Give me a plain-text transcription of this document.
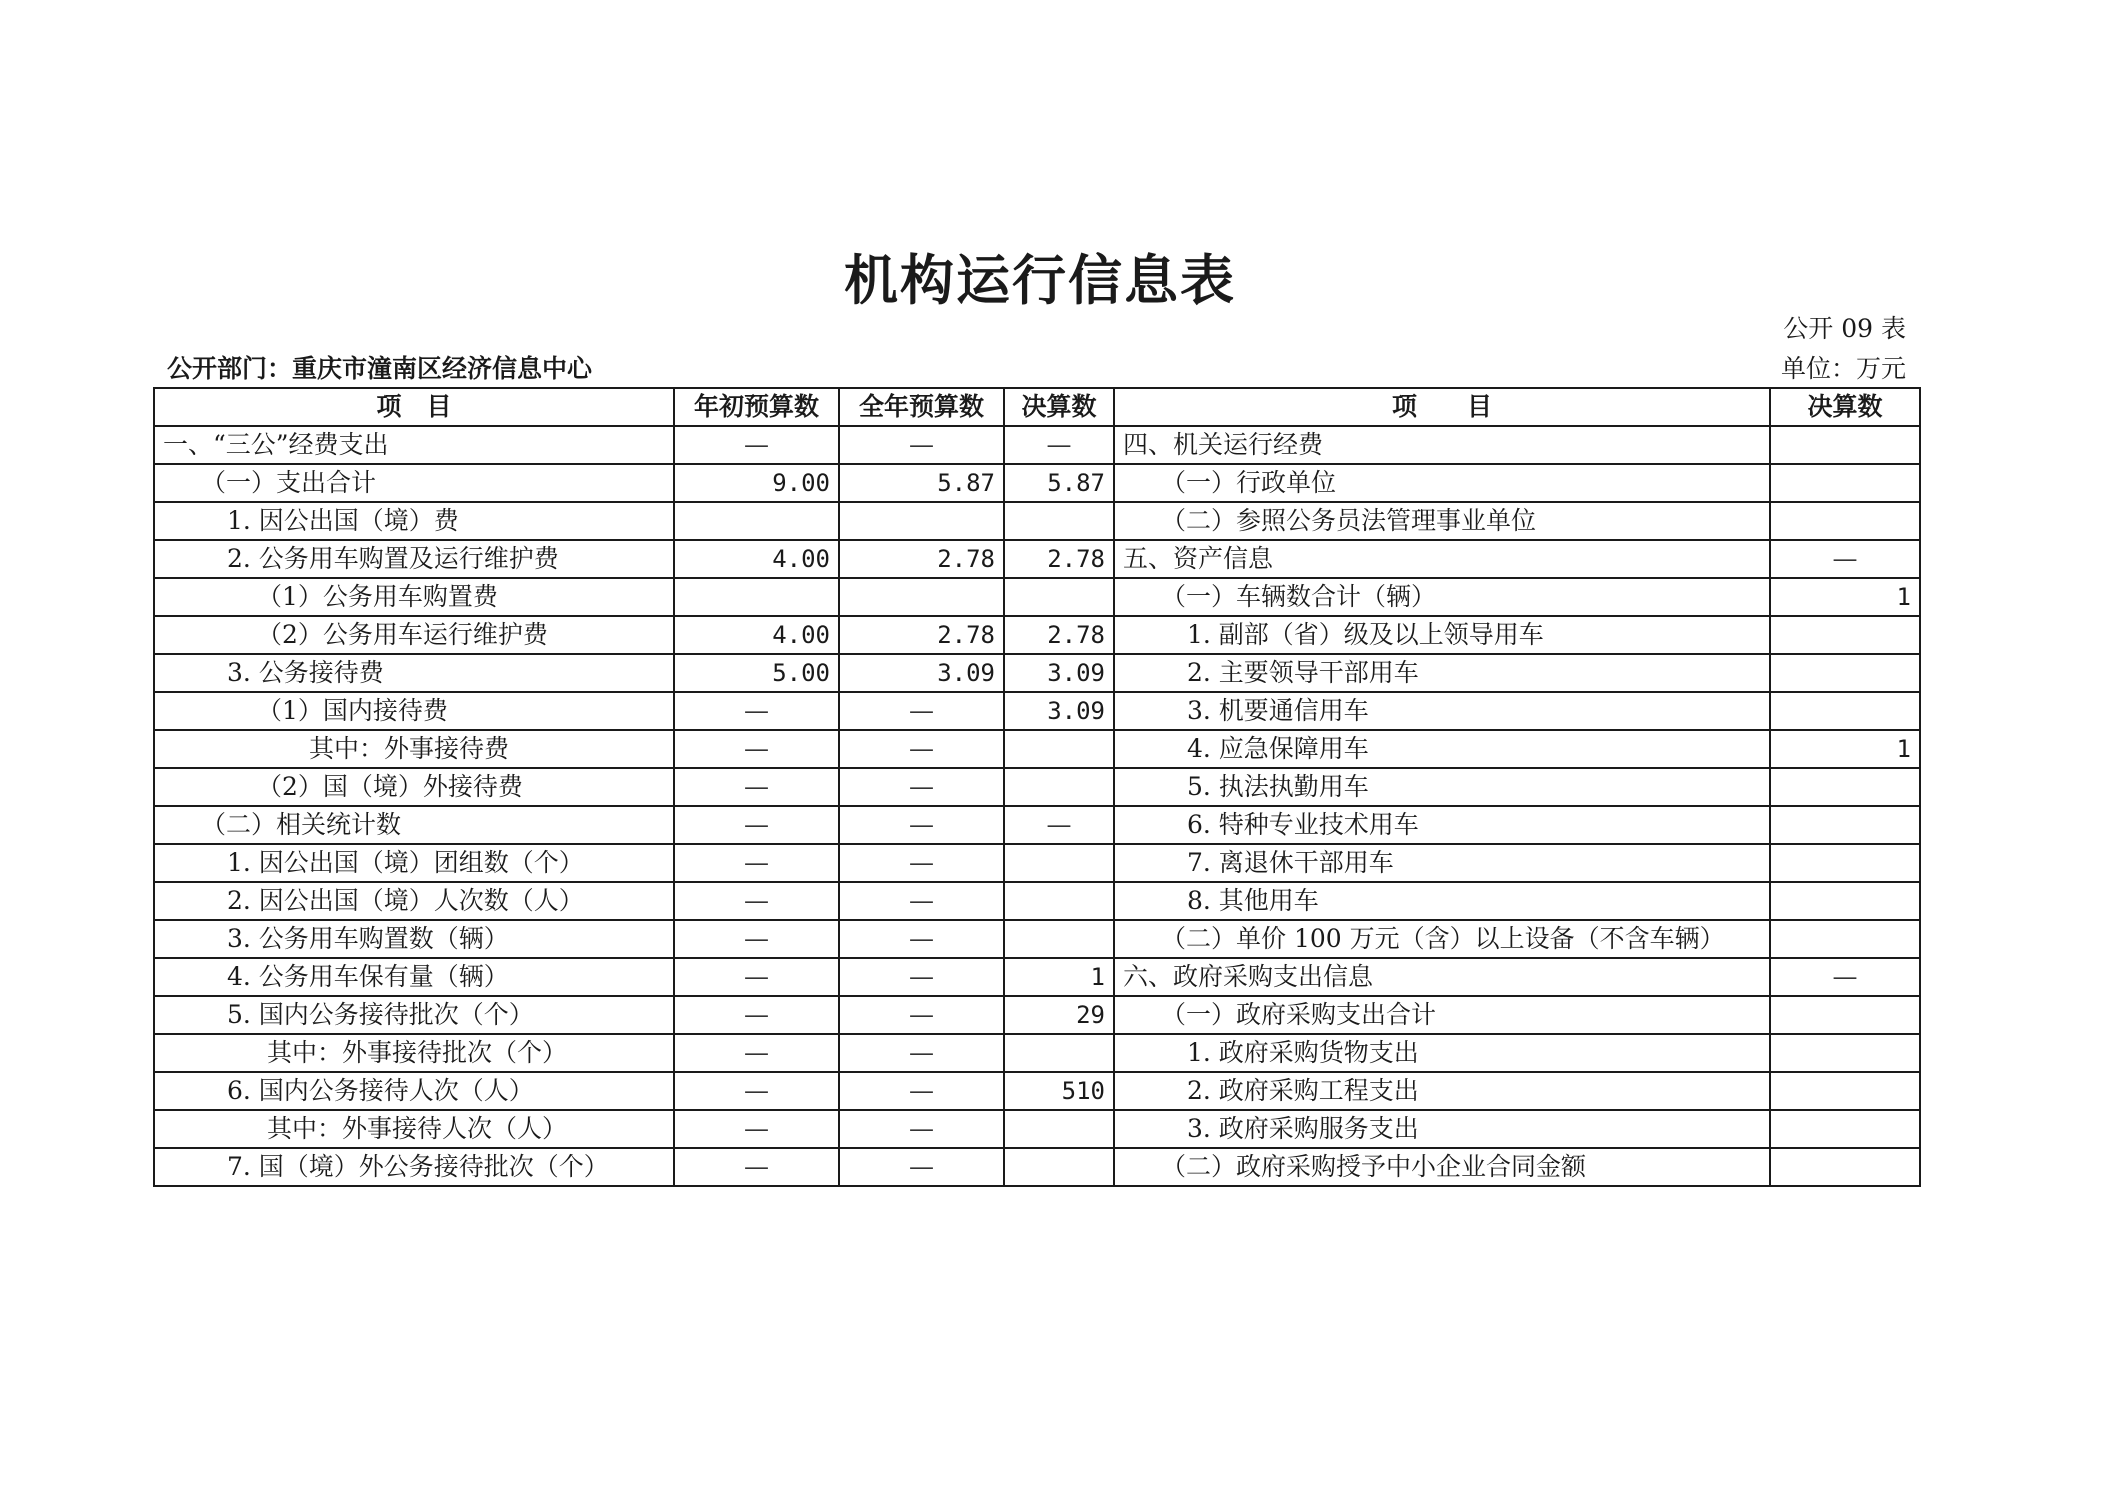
机构运行信息表
公开 09 表
公开部门：重庆市潼南区经济信息中心	单位：万元
项　目	年初预算数	全年预算数	决算数	项　　目	决算数
一、“三公”经费支出	—	—	—	四、机关运行经费	
（一）支出合计	9.00	5.87	5.87	（一）行政单位	
1. 因公出国（境）费				（二）参照公务员法管理事业单位	
2. 公务用车购置及运行维护费	4.00	2.78	2.78	五、资产信息	—
（1）公务用车购置费				（一）车辆数合计（辆）	1
（2）公务用车运行维护费	4.00	2.78	2.78	1. 副部（省）级及以上领导用车	
3. 公务接待费	5.00	3.09	3.09	2. 主要领导干部用车	
（1）国内接待费	—	—	3.09	3. 机要通信用车	
其中：外事接待费	—	—		4. 应急保障用车	1
（2）国（境）外接待费	—	—		5. 执法执勤用车	
（二）相关统计数	—	—	—	6. 特种专业技术用车	
1. 因公出国（境）团组数（个）	—	—		7. 离退休干部用车	
2. 因公出国（境）人次数（人）	—	—		8. 其他用车	
3. 公务用车购置数（辆）	—	—		（二）单价 100 万元（含）以上设备（不含车辆）	
4. 公务用车保有量（辆）	—	—	1	六、政府采购支出信息	—
5. 国内公务接待批次（个）	—	—	29	（一）政府采购支出合计	
其中：外事接待批次（个）	—	—		1. 政府采购货物支出	
6. 国内公务接待人次（人）	—	—	510	2. 政府采购工程支出	
其中：外事接待人次（人）	—	—		3. 政府采购服务支出	
7. 国（境）外公务接待批次（个）	—	—		（二）政府采购授予中小企业合同金额	
